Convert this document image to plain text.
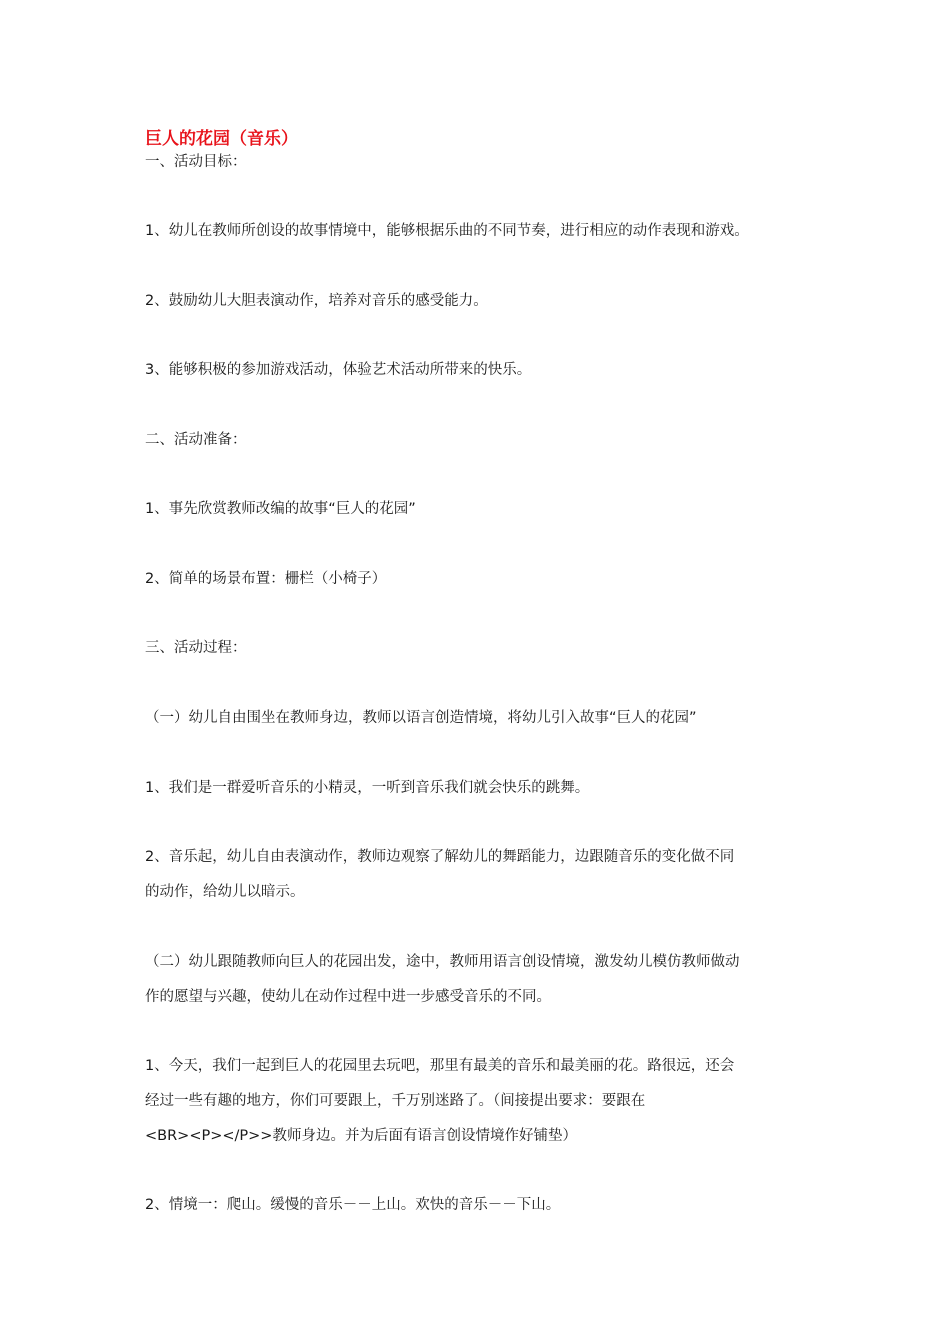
巨人的花园（音乐）

一、活动目标：

1、幼儿在教师所创设的故事情境中，能够根据乐曲的不同节奏，进行相应的动作表现和游戏。

2、鼓励幼儿大胆表演动作，培养对音乐的感受能力。

3、能够积极的参加游戏活动，体验艺术活动所带来的快乐。

二、活动准备：

1、事先欣赏教师改编的故事“巨人的花园”

2、简单的场景布置：栅栏（小椅子）

三、活动过程：

（一）幼儿自由围坐在教师身边，教师以语言创造情境，将幼儿引入故事“巨人的花园”

1、我们是一群爱听音乐的小精灵，一听到音乐我们就会快乐的跳舞。

2、音乐起，幼儿自由表演动作，教师边观察了解幼儿的舞蹈能力，边跟随音乐的变化做不同

的动作，给幼儿以暗示。

（二）幼儿跟随教师向巨人的花园出发，途中，教师用语言创设情境，激发幼儿模仿教师做动

作的愿望与兴趣，使幼儿在动作过程中进一步感受音乐的不同。

1、今天，我们一起到巨人的花园里去玩吧，那里有最美的音乐和最美丽的花。路很远，还会

经过一些有趣的地方，你们可要跟上，千万别迷路了。（间接提出要求：要跟在

<BR><P></P>>教师身边。并为后面有语言创设情境作好铺垫）

2、情境一：爬山。缓慢的音乐－－上山。欢快的音乐－－下山。
